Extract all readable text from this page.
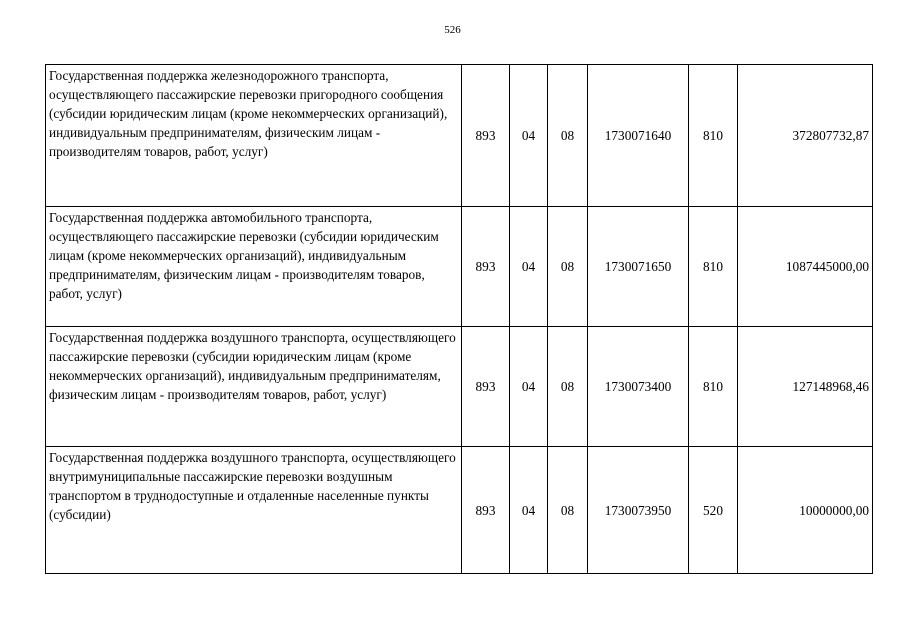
526
Государственная поддержка железнодорожного транспорта, осуществляющего пассажирские перевозки пригородного сообщения (субсидии юридическим лицам (кроме некоммерческих организаций), индивидуальным предпринимателям, физическим лицам - производителям товаров, работ, услуг)	893	04	08	1730071640	810	372807732,87
Государственная поддержка автомобильного транспорта, осуществляющего пассажирские перевозки (субсидии юридическим лицам (кроме некоммерческих организаций), индивидуальным предпринимателям, физическим лицам - производителям товаров, работ, услуг)	893	04	08	1730071650	810	1087445000,00
Государственная поддержка воздушного транспорта, осуществляющего пассажирские перевозки (субсидии юридическим лицам (кроме некоммерческих организаций), индивидуальным предпринимателям, физическим лицам - производителям товаров, работ, услуг)	893	04	08	1730073400	810	127148968,46
Государственная поддержка воздушного транспорта, осуществляющего внутримуниципальные пассажирские перевозки воздушным транспортом в труднодоступные и отдаленные населенные пункты (субсидии)	893	04	08	1730073950	520	10000000,00
